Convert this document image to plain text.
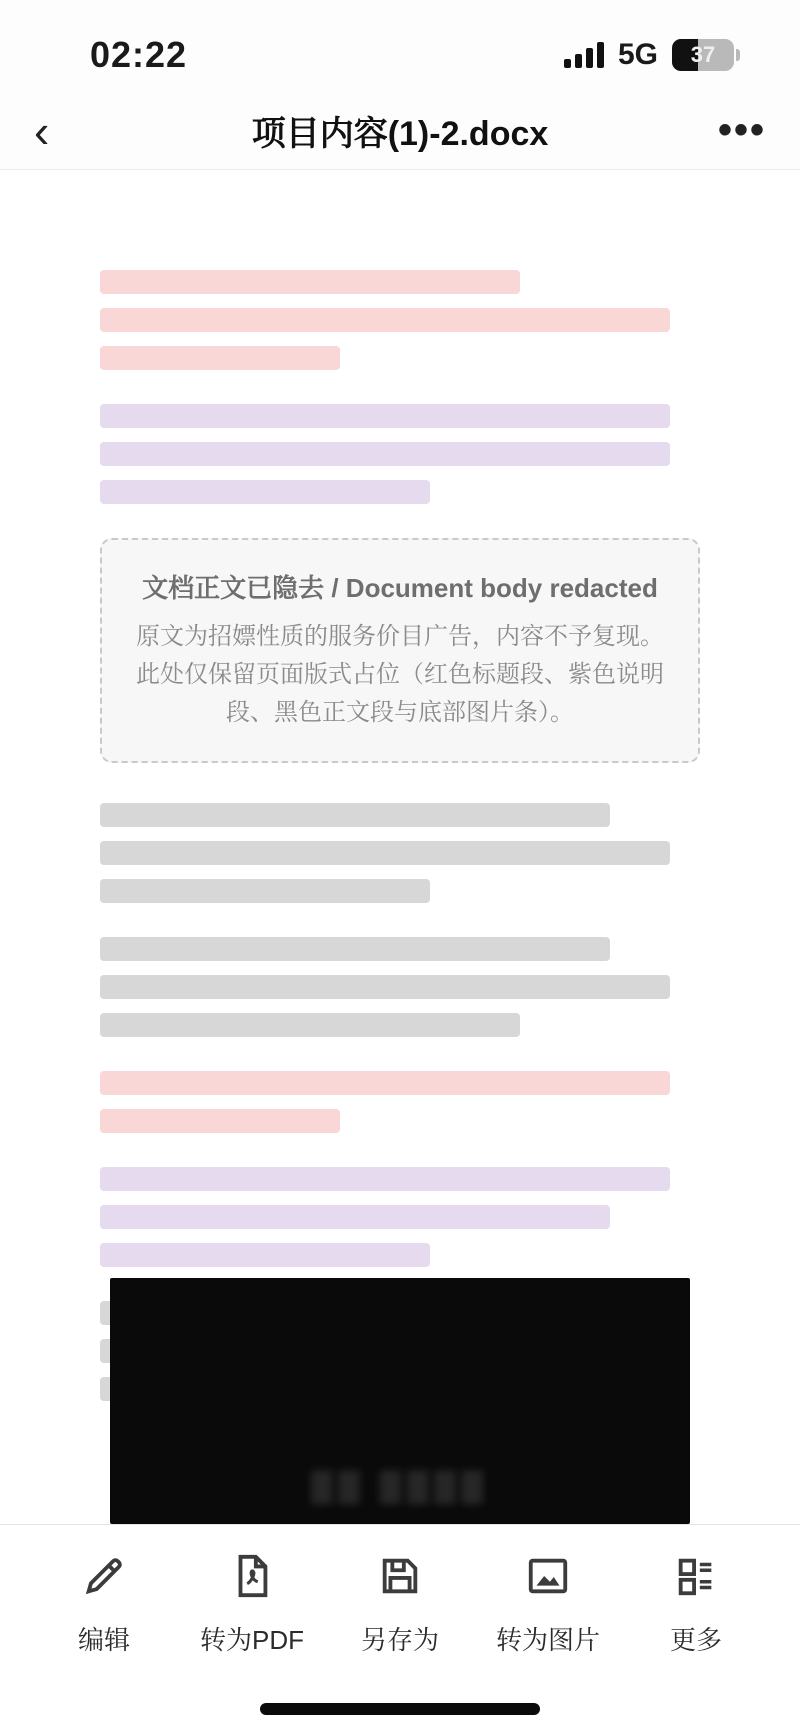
02:22	5G 37
‹	项目内容(1)-2.docx	•••
文档正文已隐去 / Document body redacted
原文为招嫖性质的服务价目广告，内容不予复现。此处仅保留页面版式占位（红色标题段、紫色说明段、黑色正文段与底部图片条）。
▒▒ ▒▒▒▒
编辑	转为PDF 另存为 转为图片	更多
